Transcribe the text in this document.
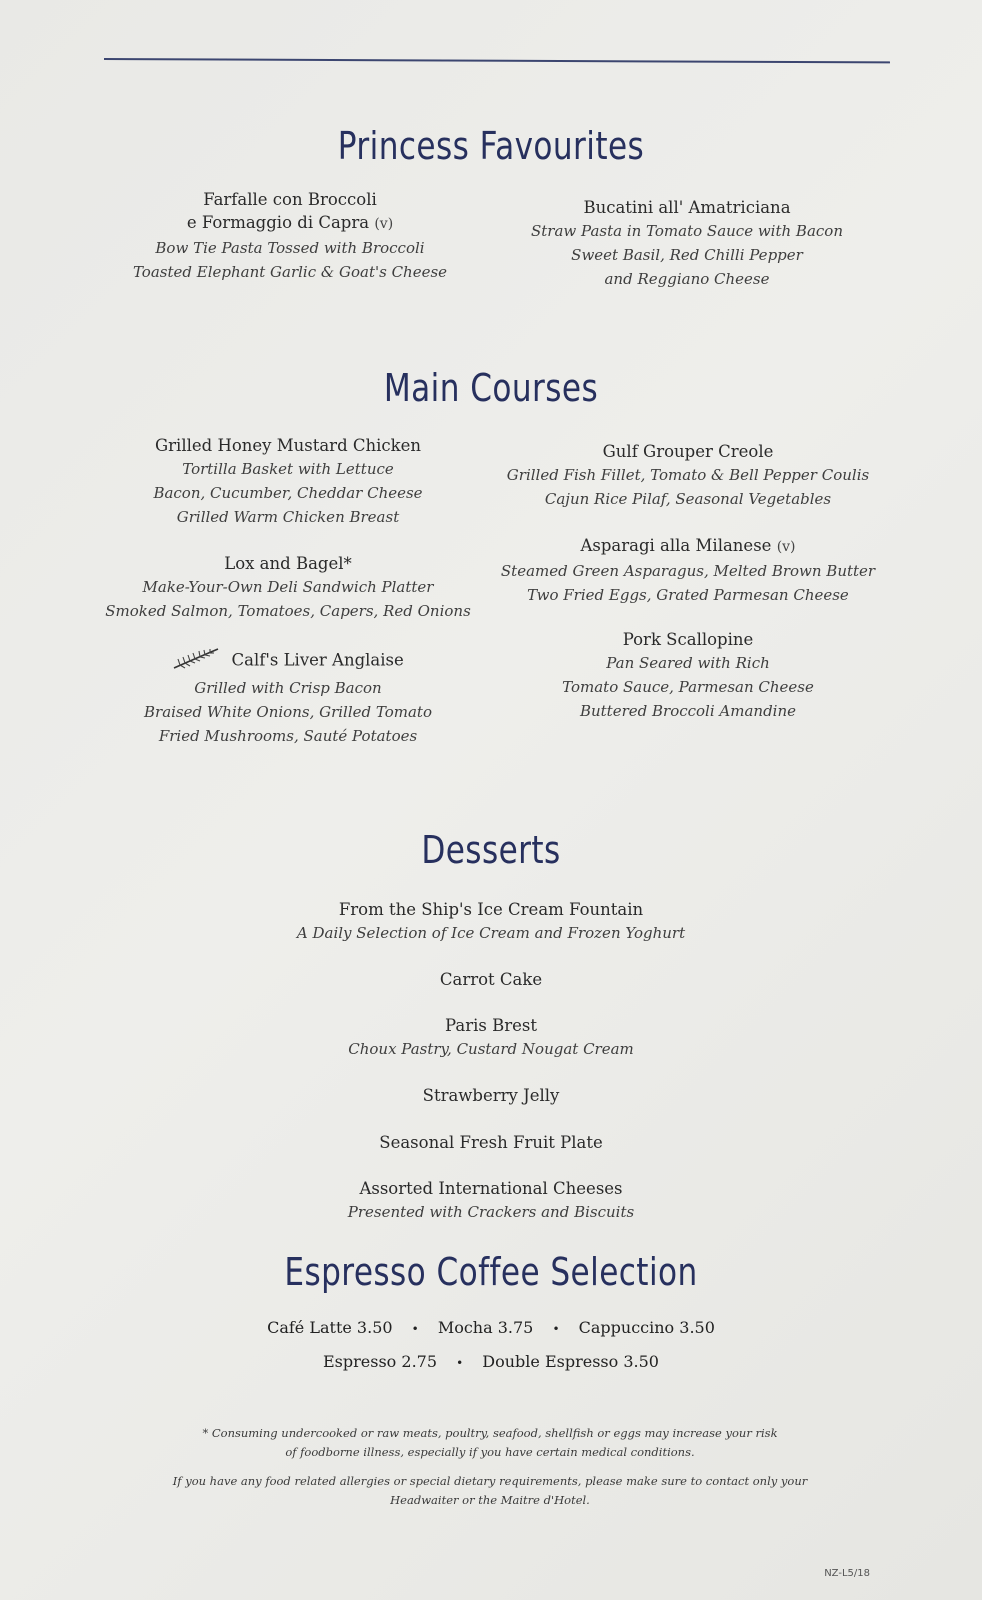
Princess Favourites
Farfalle con Broccoli
e Formaggio di Capra (v)
Bow Tie Pasta Tossed with Broccoli
Toasted Elephant Garlic & Goat's Cheese
Bucatini all' Amatriciana
Straw Pasta in Tomato Sauce with Bacon
Sweet Basil, Red Chilli Pepper
and Reggiano Cheese
Main Courses
Grilled Honey Mustard Chicken
Tortilla Basket with Lettuce
Bacon, Cucumber, Cheddar Cheese
Grilled Warm Chicken Breast
Lox and Bagel*
Make-Your-Own Deli Sandwich Platter
Smoked Salmon, Tomatoes, Capers, Red Onions
Calf's Liver Anglaise
Grilled with Crisp Bacon
Braised White Onions, Grilled Tomato
Fried Mushrooms, Sauté Potatoes
Gulf Grouper Creole
Grilled Fish Fillet, Tomato & Bell Pepper Coulis
Cajun Rice Pilaf, Seasonal Vegetables
Asparagi alla Milanese (v)
Steamed Green Asparagus, Melted Brown Butter
Two Fried Eggs, Grated Parmesan Cheese
Pork Scallopine
Pan Seared with Rich
Tomato Sauce, Parmesan Cheese
Buttered Broccoli Amandine
Desserts
From the Ship's Ice Cream Fountain
A Daily Selection of Ice Cream and Frozen Yoghurt
Carrot Cake
Paris Brest
Choux Pastry, Custard Nougat Cream
Strawberry Jelly
Seasonal Fresh Fruit Plate
Assorted International Cheeses
Presented with Crackers and Biscuits
Espresso Coffee Selection
Café Latte 3.50 • Mocha 3.75 • Cappuccino 3.50
Espresso 2.75 • Double Espresso 3.50
* Consuming undercooked or raw meats, poultry, seafood, shellfish or eggs may increase your risk
of foodborne illness, especially if you have certain medical conditions.
If you have any food related allergies or special dietary requirements, please make sure to contact only your
Headwaiter or the Maitre d'Hotel.
NZ-L5/18
